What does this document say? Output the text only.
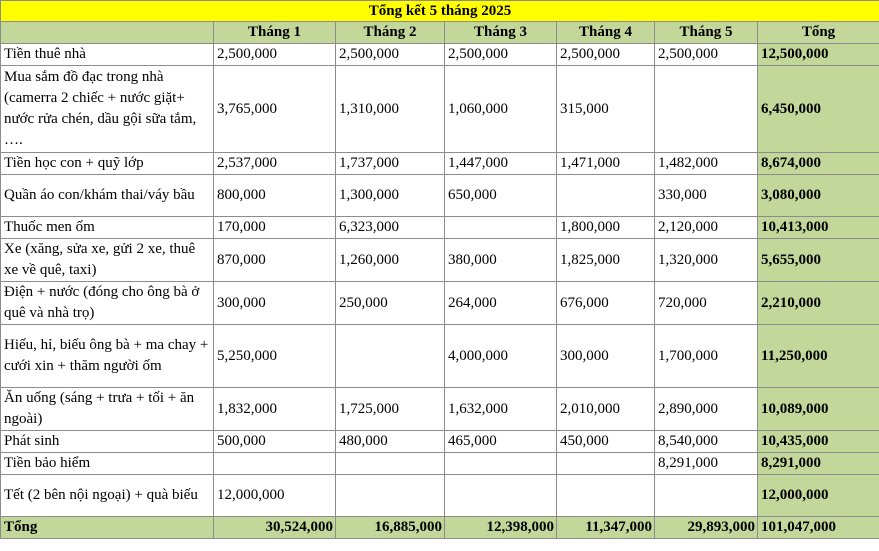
Tổng kết 5 tháng 2025						
	Tháng 1	Tháng 2	Tháng 3	Tháng 4	Tháng 5	Tổng
Tiền thuê nhà	2,500,000	2,500,000	2,500,000	2,500,000	2,500,000	12,500,000
Mua sắm đồ đạc trong nhà (camerra 2 chiếc + nước giặt+ nước rửa chén, dầu gội sữa tắm, ….	3,765,000	1,310,000	1,060,000	315,000		6,450,000
Tiền học con + quỹ lớp	2,537,000	1,737,000	1,447,000	1,471,000	1,482,000	8,674,000
Quần áo con/khám thai/váy bầu	800,000	1,300,000	650,000		330,000	3,080,000
Thuốc men ốm	170,000	6,323,000		1,800,000	2,120,000	10,413,000
Xe (xăng, sửa xe, gửi 2 xe, thuê xe về quê, taxi)	870,000	1,260,000	380,000	1,825,000	1,320,000	5,655,000
Điện + nước (đóng cho ông bà ở quê và nhà trọ)	300,000	250,000	264,000	676,000	720,000	2,210,000
Hiếu, hỉ, biếu ông bà + ma chay + cưới xin + thăm người ốm	5,250,000		4,000,000	300,000	1,700,000	11,250,000
Ăn uống (sáng + trưa + tối + ăn ngoài)	1,832,000	1,725,000	1,632,000	2,010,000	2,890,000	10,089,000
Phát sinh	500,000	480,000	465,000	450,000	8,540,000	10,435,000
Tiền bảo hiểm					8,291,000	8,291,000
Tết (2 bên nội ngoại) + quà biếu	12,000,000					12,000,000
Tổng	30,524,000	16,885,000	12,398,000	11,347,000	29,893,000	101,047,000
